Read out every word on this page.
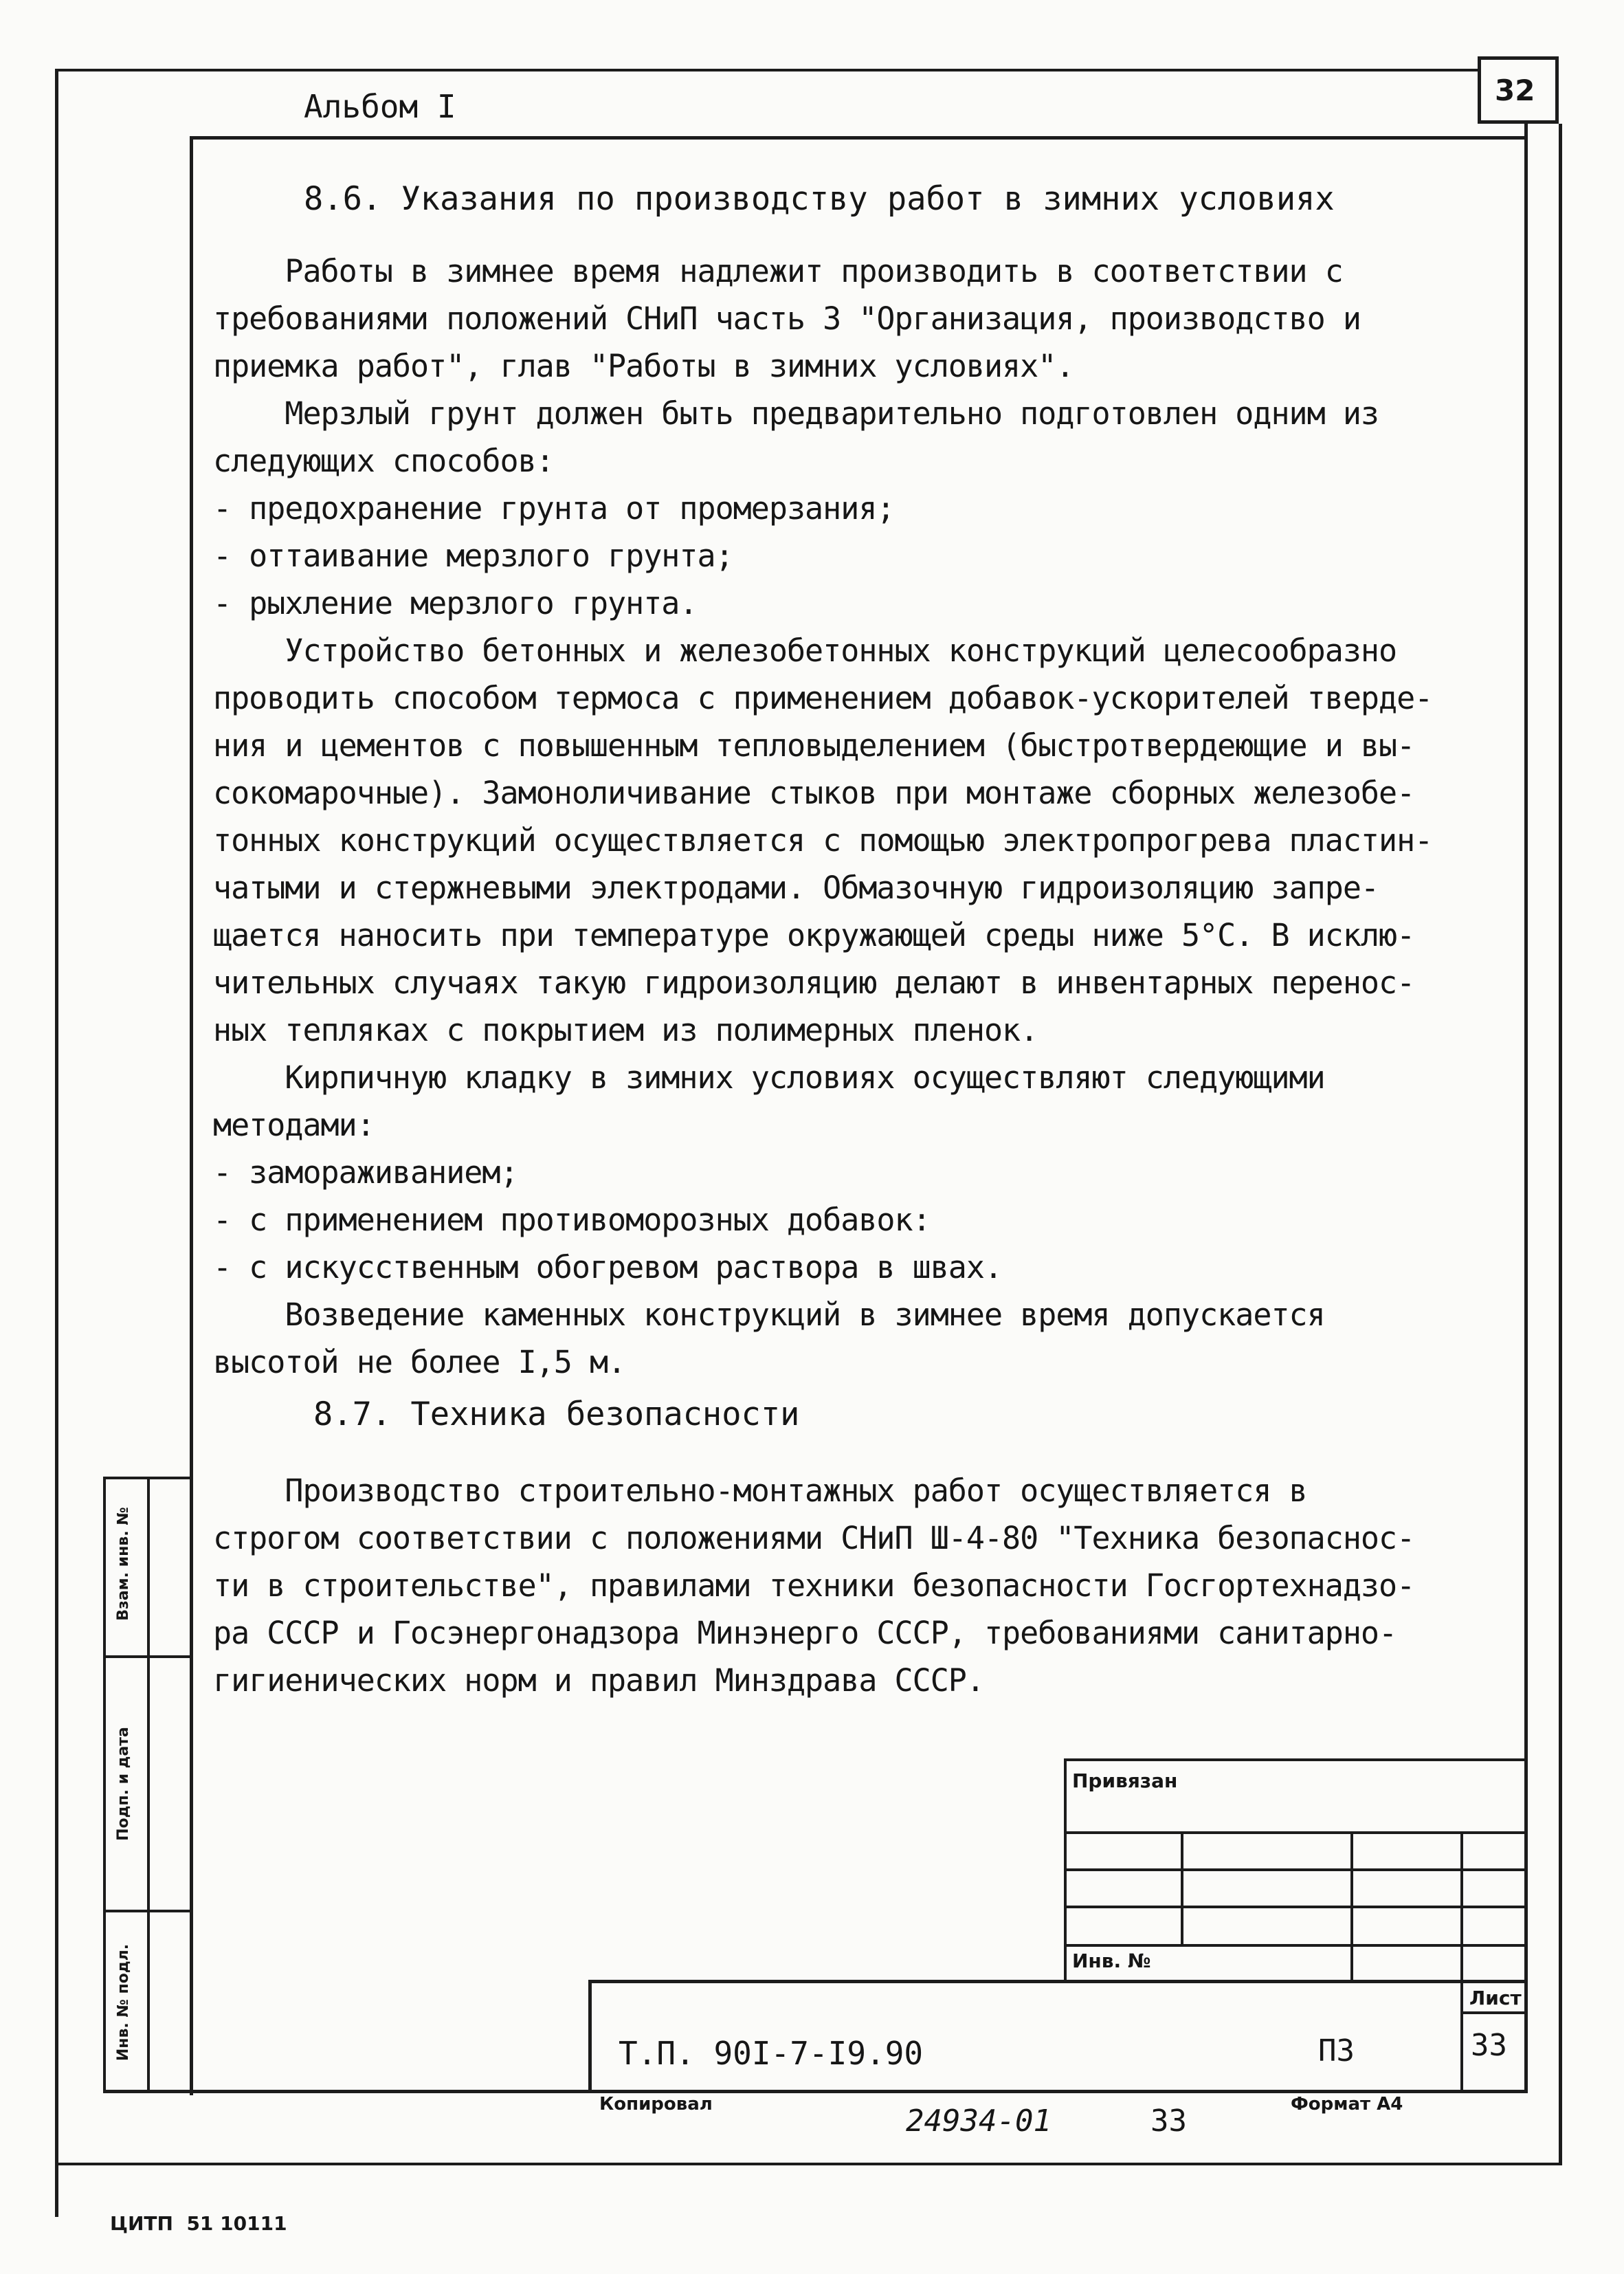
32
Альбом I
8.6. Указания по производству работ в зимних условиях
Работы в зимнее время надлежит производить в соответствии с
требованиями положений СНиП часть 3 "Организация, производство и
приемка работ", глав "Работы в зимних условиях".
Мерзлый грунт должен быть предварительно подготовлен одним из
следующих способов:
- предохранение грунта от промерзания;
- оттаивание мерзлого грунта;
- рыхление мерзлого грунта.
Устройство бетонных и железобетонных конструкций целесообразно
проводить способом термоса с применением добавок-ускорителей тверде-
ния и цементов с повышенным тепловыделением (быстротвердеющие и вы-
сокомарочные). Замоноличивание стыков при монтаже сборных железобе-
тонных конструкций осуществляется с помощью электропрогрева пластин-
чатыми и стержневыми электродами. Обмазочную гидроизоляцию запре-
щается наносить при температуре окружающей среды ниже 5°С. В исклю-
чительных случаях такую гидроизоляцию делают в инвентарных перенос-
ных тепляках с покрытием из полимерных пленок.
Кирпичную кладку в зимних условиях осуществляют следующими
методами:
- замораживанием;
- с применением противоморозных добавок:
- с искусственным обогревом раствора в швах.
Возведение каменных конструкций в зимнее время допускается
высотой не более I,5 м.
8.7. Техника безопасности
Производство строительно-монтажных работ осуществляется в
строгом соответствии с положениями СНиП Ш-4-80 "Техника безопаснос-
ти в строительстве", правилами техники безопасности Госгортехнадзо-
ра СССР и Госэнергонадзора Минэнерго СССР, требованиями санитарно-
гигиенических норм и правил Минздрава СССР.
Взам. инв. №
Подп. и дата
Инв. № подл.
Привязан
Инв. №
Лист
33
Т.П. 90I-7-I9.90	ПЗ
Копировал	24934-01	33	Формат А4
ЦИТП  51 10111
